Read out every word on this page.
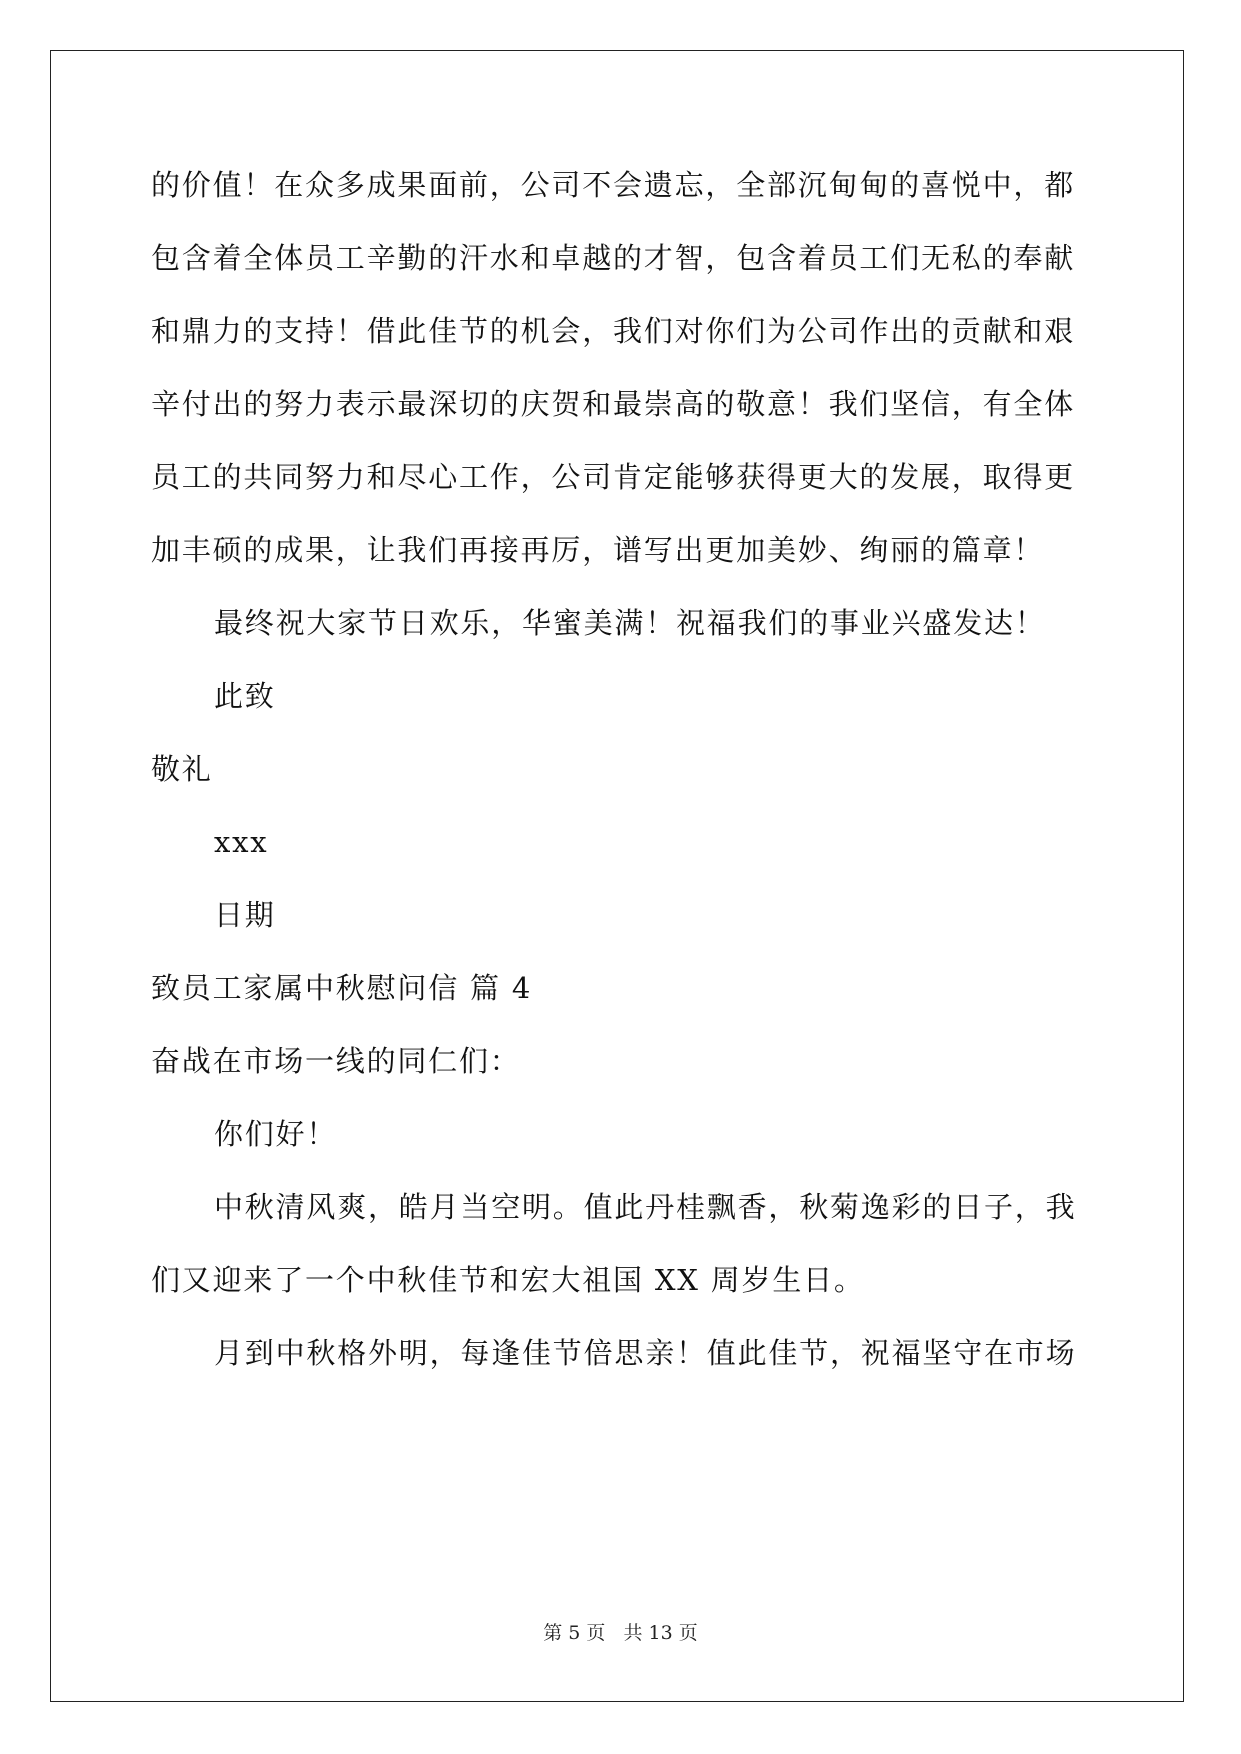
的价值！在众多成果面前，公司不会遗忘，全部沉甸甸的喜悦中，都
包含着全体员工辛勤的汗水和卓越的才智，包含着员工们无私的奉献
和鼎力的支持！借此佳节的机会，我们对你们为公司作出的贡献和艰
辛付出的努力表示最深切的庆贺和最崇高的敬意！我们坚信，有全体
员工的共同努力和尽心工作，公司肯定能够获得更大的发展，取得更
加丰硕的成果，让我们再接再厉，谱写出更加美妙、绚丽的篇章！
最终祝大家节日欢乐，华蜜美满！祝福我们的事业兴盛发达！
此致
敬礼
xxx
日期
致员工家属中秋慰问信 篇 4
奋战在市场一线的同仁们：
你们好！
中秋清风爽，皓月当空明。值此丹桂飘香，秋菊逸彩的日子，我
们又迎来了一个中秋佳节和宏大祖国 XX 周岁生日。
月到中秋格外明，每逢佳节倍思亲！值此佳节，祝福坚守在市场
第 5 页   共 13 页
